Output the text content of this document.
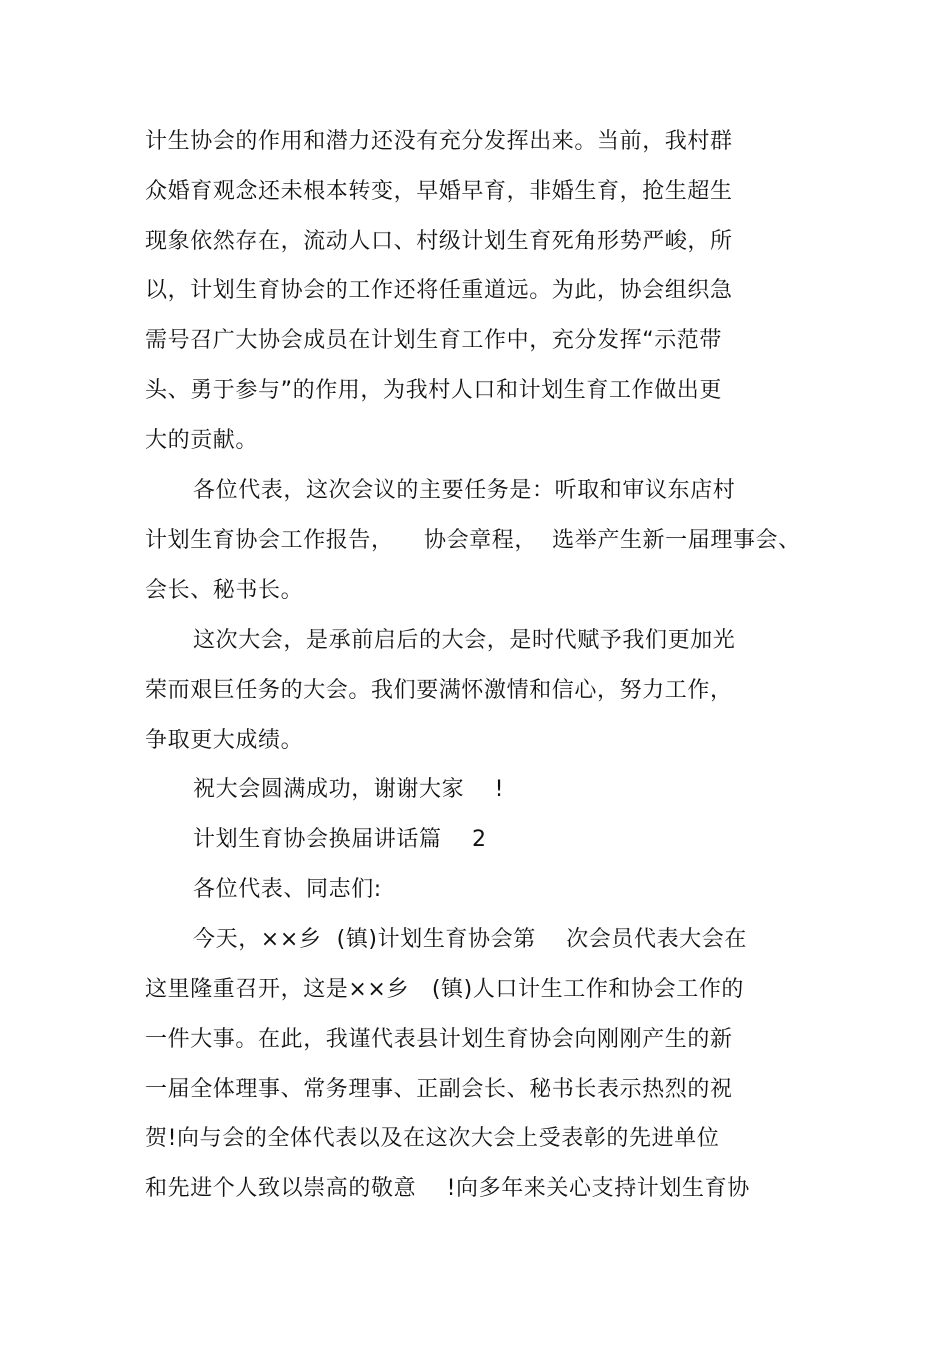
计生协会的作用和潜力还没有充分发挥出来。当前，我村群
众婚育观念还未根本转变，早婚早育，非婚生育，抢生超生
现象依然存在，流动人口、村级计划生育死角形势严峻，所
以，计划生育协会的工作还将任重道远。为此，协会组织急
需号召广大协会成员在计划生育工作中，充分发挥“示范带
头、勇于参与”的作用，为我村人口和计划生育工作做出更
大的贡献。
各位代表，这次会议的主要任务是：听取和审议东店村
计划生育协会工作报告，    协会章程，  选举产生新一届理事会、
会长、秘书长。
这次大会，是承前启后的大会，是时代赋予我们更加光
荣而艰巨任务的大会。我们要满怀激情和信心，努力工作，
争取更大成绩。
祝大会圆满成功，谢谢大家    !
计划生育协会换届讲话篇    2
各位代表、同志们:
今天，××乡  (镇)计划生育协会第    次会员代表大会在
这里隆重召开，这是××乡   (镇)人口计生工作和协会工作的
一件大事。在此，我谨代表县计划生育协会向刚刚产生的新
一届全体理事、常务理事、正副会长、秘书长表示热烈的祝
贺!向与会的全体代表以及在这次大会上受表彰的先进单位
和先进个人致以崇高的敬意    !向多年来关心支持计划生育协
